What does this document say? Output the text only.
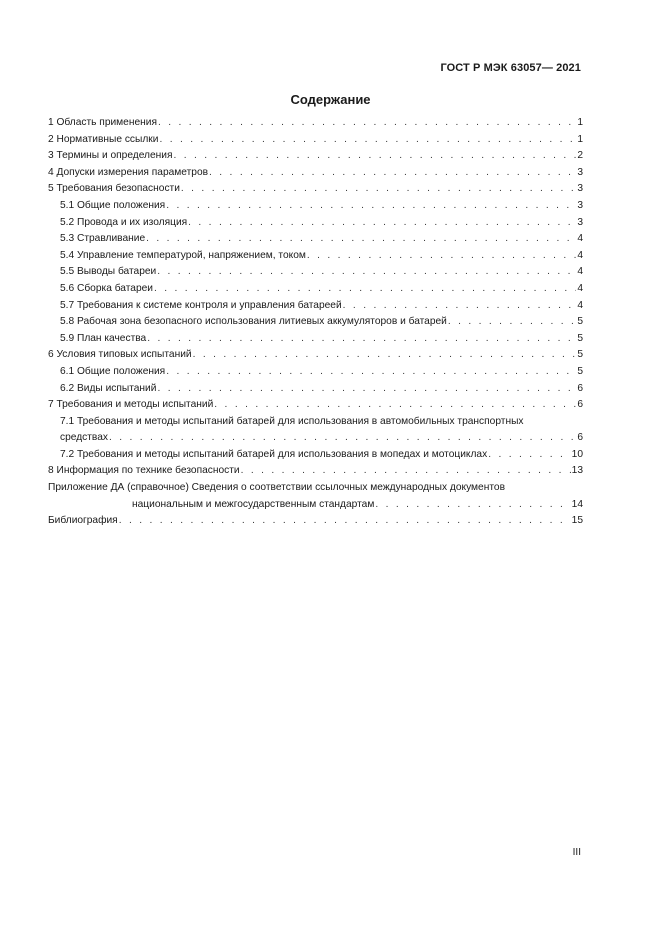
ГОСТ Р МЭК 63057— 2021
Содержание
1 Область применения . . .	1
2 Нормативные ссылки . . .	1
3 Термины и определения . . .	2
4 Допуски измерения параметров . . .	3
5 Требования безопасности . . .	3
5.1 Общие положения . . .	3
5.2 Провода и их изоляция . . .	3
5.3 Стравливание . . .	4
5.4 Управление температурой, напряжением, током . . .	4
5.5 Выводы батареи . . .	4
5.6 Сборка батареи . . .	4
5.7 Требования к системе контроля и управления батареей . . .	4
5.8 Рабочая зона безопасного использования литиевых аккумуляторов и батарей . . .	5
5.9 План качества . . .	5
6 Условия типовых испытаний . . .	5
6.1 Общие положения . . .	5
6.2 Виды испытаний . . .	6
7 Требования и методы испытаний . . .	6
7.1 Требования и методы испытаний батарей для использования в автомобильных транспортных
средствах . . .	6
7.2 Требования и методы испытаний батарей для использования в мопедах и мотоциклах . . .	10
8 Информация по технике безопасности . . .	13
Приложение ДА (справочное) Сведения о соответствии ссылочных международных документов
национальным и межгосударственным стандартам . . .	14
Библиография . . .	15
III
